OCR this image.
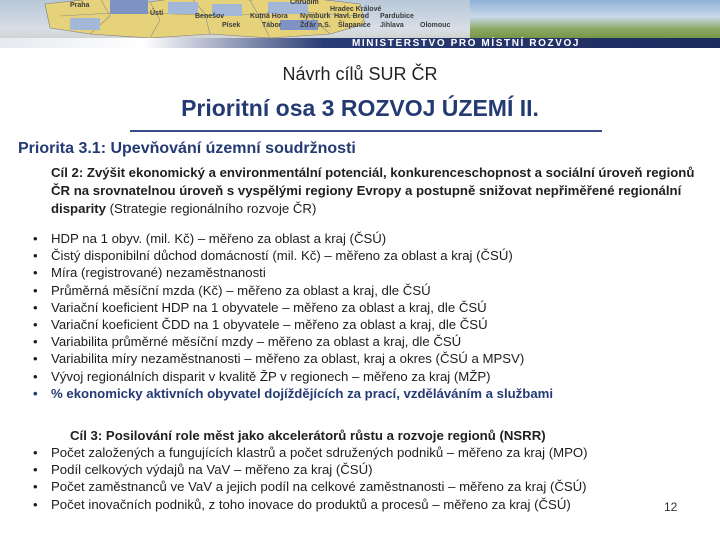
Praha	Chrudim
Hradec Králové
Ústí	Benešov	Kutná Hora Nymburk
Žďár n.S.
Havl. Brod
Písek	Tábor	Šlapanice
Pardubice
Jihlava Olomouc
MINISTERSTVO PRO MÍSTNÍ ROZVOJ
Návrh cílů SUR ČR
Prioritní osa 3 ROZVOJ ÚZEMÍ II.
Priorita 3.1: Upevňování územní soudržnosti
Cíl 2: Zvýšit ekonomický a environmentální potenciál, konkurenceschopnost a sociální úroveň regionů ČR na srovnatelnou úroveň s vyspělými regiony Evropy a postupně snižovat nepřiměřené regionální disparity (Strategie regionálního rozvoje ČR)
• HDP na 1 obyv. (mil. Kč) – měřeno za oblast a kraj (ČSÚ)
• Čistý disponibilní důchod domácností (mil. Kč) – měřeno za oblast a kraj (ČSÚ)
• Míra (registrované) nezaměstnanosti
• Průměrná měsíční mzda (Kč) – měřeno za oblast a kraj, dle ČSÚ
• Variační koeficient HDP na 1 obyvatele – měřeno za oblast a kraj, dle ČSÚ
• Variační koeficient ČDD na 1 obyvatele – měřeno za oblast a kraj, dle ČSÚ
• Variabilita průměrné měsíční mzdy – měřeno za oblast a kraj, dle ČSÚ
• Variabilita míry nezaměstnanosti – měřeno za oblast, kraj a okres (ČSÚ a MPSV)
• Vývoj regionálních disparit v kvalitě ŽP v regionech – měřeno za kraj (MŽP)
• % ekonomicky aktivních obyvatel dojíždějících za prací, vzděláváním a službami
Cíl 3: Posilování role měst jako akcelerátorů růstu a rozvoje regionů (NSRR)
• Počet založených a fungujících klastrů a počet sdružených podniků – měřeno za kraj (MPO)
• Podíl celkových výdajů na VaV – měřeno za kraj (ČSÚ)
• Počet zaměstnanců ve VaV a jejich podíl na celkové zaměstnanosti – měřeno za kraj (ČSÚ)
• Počet inovačních podniků, z toho inovace do produktů a procesů – měřeno za kraj (ČSÚ)	12
